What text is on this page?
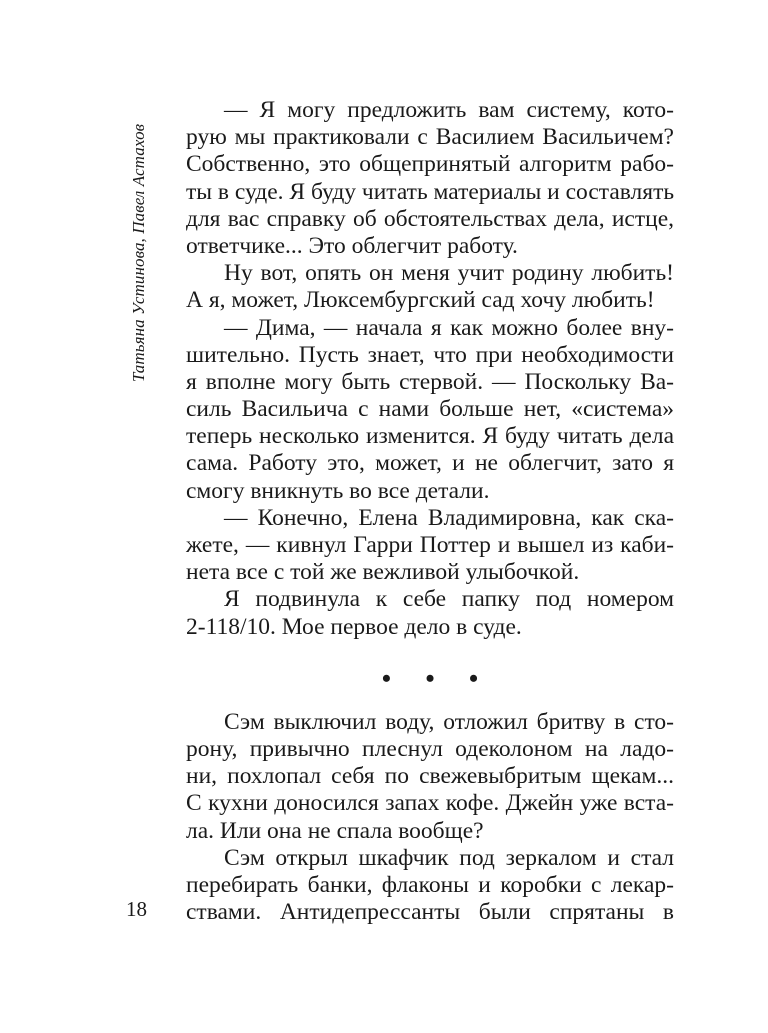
Татьяна Устинова, Павел Астахов
18
— Я могу предложить вам систему, кото-
рую мы практиковали с Василием Васильичем?
Собственно, это общепринятый алгоритм рабо-
ты в суде. Я буду читать материалы и составлять
для вас справку об обстоятельствах дела, истце,
ответчике... Это облегчит работу.
Ну вот, опять он меня учит родину любить!
А я, может, Люксембургский сад хочу любить!
— Дима, — начала я как можно более вну-
шительно. Пусть знает, что при необходимости
я вполне могу быть стервой. — Поскольку Ва-
силь Васильича с нами больше нет, «система»
теперь несколько изменится. Я буду читать дела
сама. Работу это, может, и не облегчит, зато я
смогу вникнуть во все детали.
— Конечно, Елена Владимировна, как ска-
жете, — кивнул Гарри Поттер и вышел из каби-
нета все с той же вежливой улыбочкой.
Я подвинула к себе папку под номером
2-118/10. Мое первое дело в суде.
• • •
Сэм выключил воду, отложил бритву в сто-
рону, привычно плеснул одеколоном на ладо-
ни, похлопал себя по свежевыбритым щекам...
С кухни доносился запах кофе. Джейн уже вста-
ла. Или она не спала вообще?
Сэм открыл шкафчик под зеркалом и стал
перебирать банки, флаконы и коробки с лекар-
ствами. Антидепрессанты были спрятаны в
